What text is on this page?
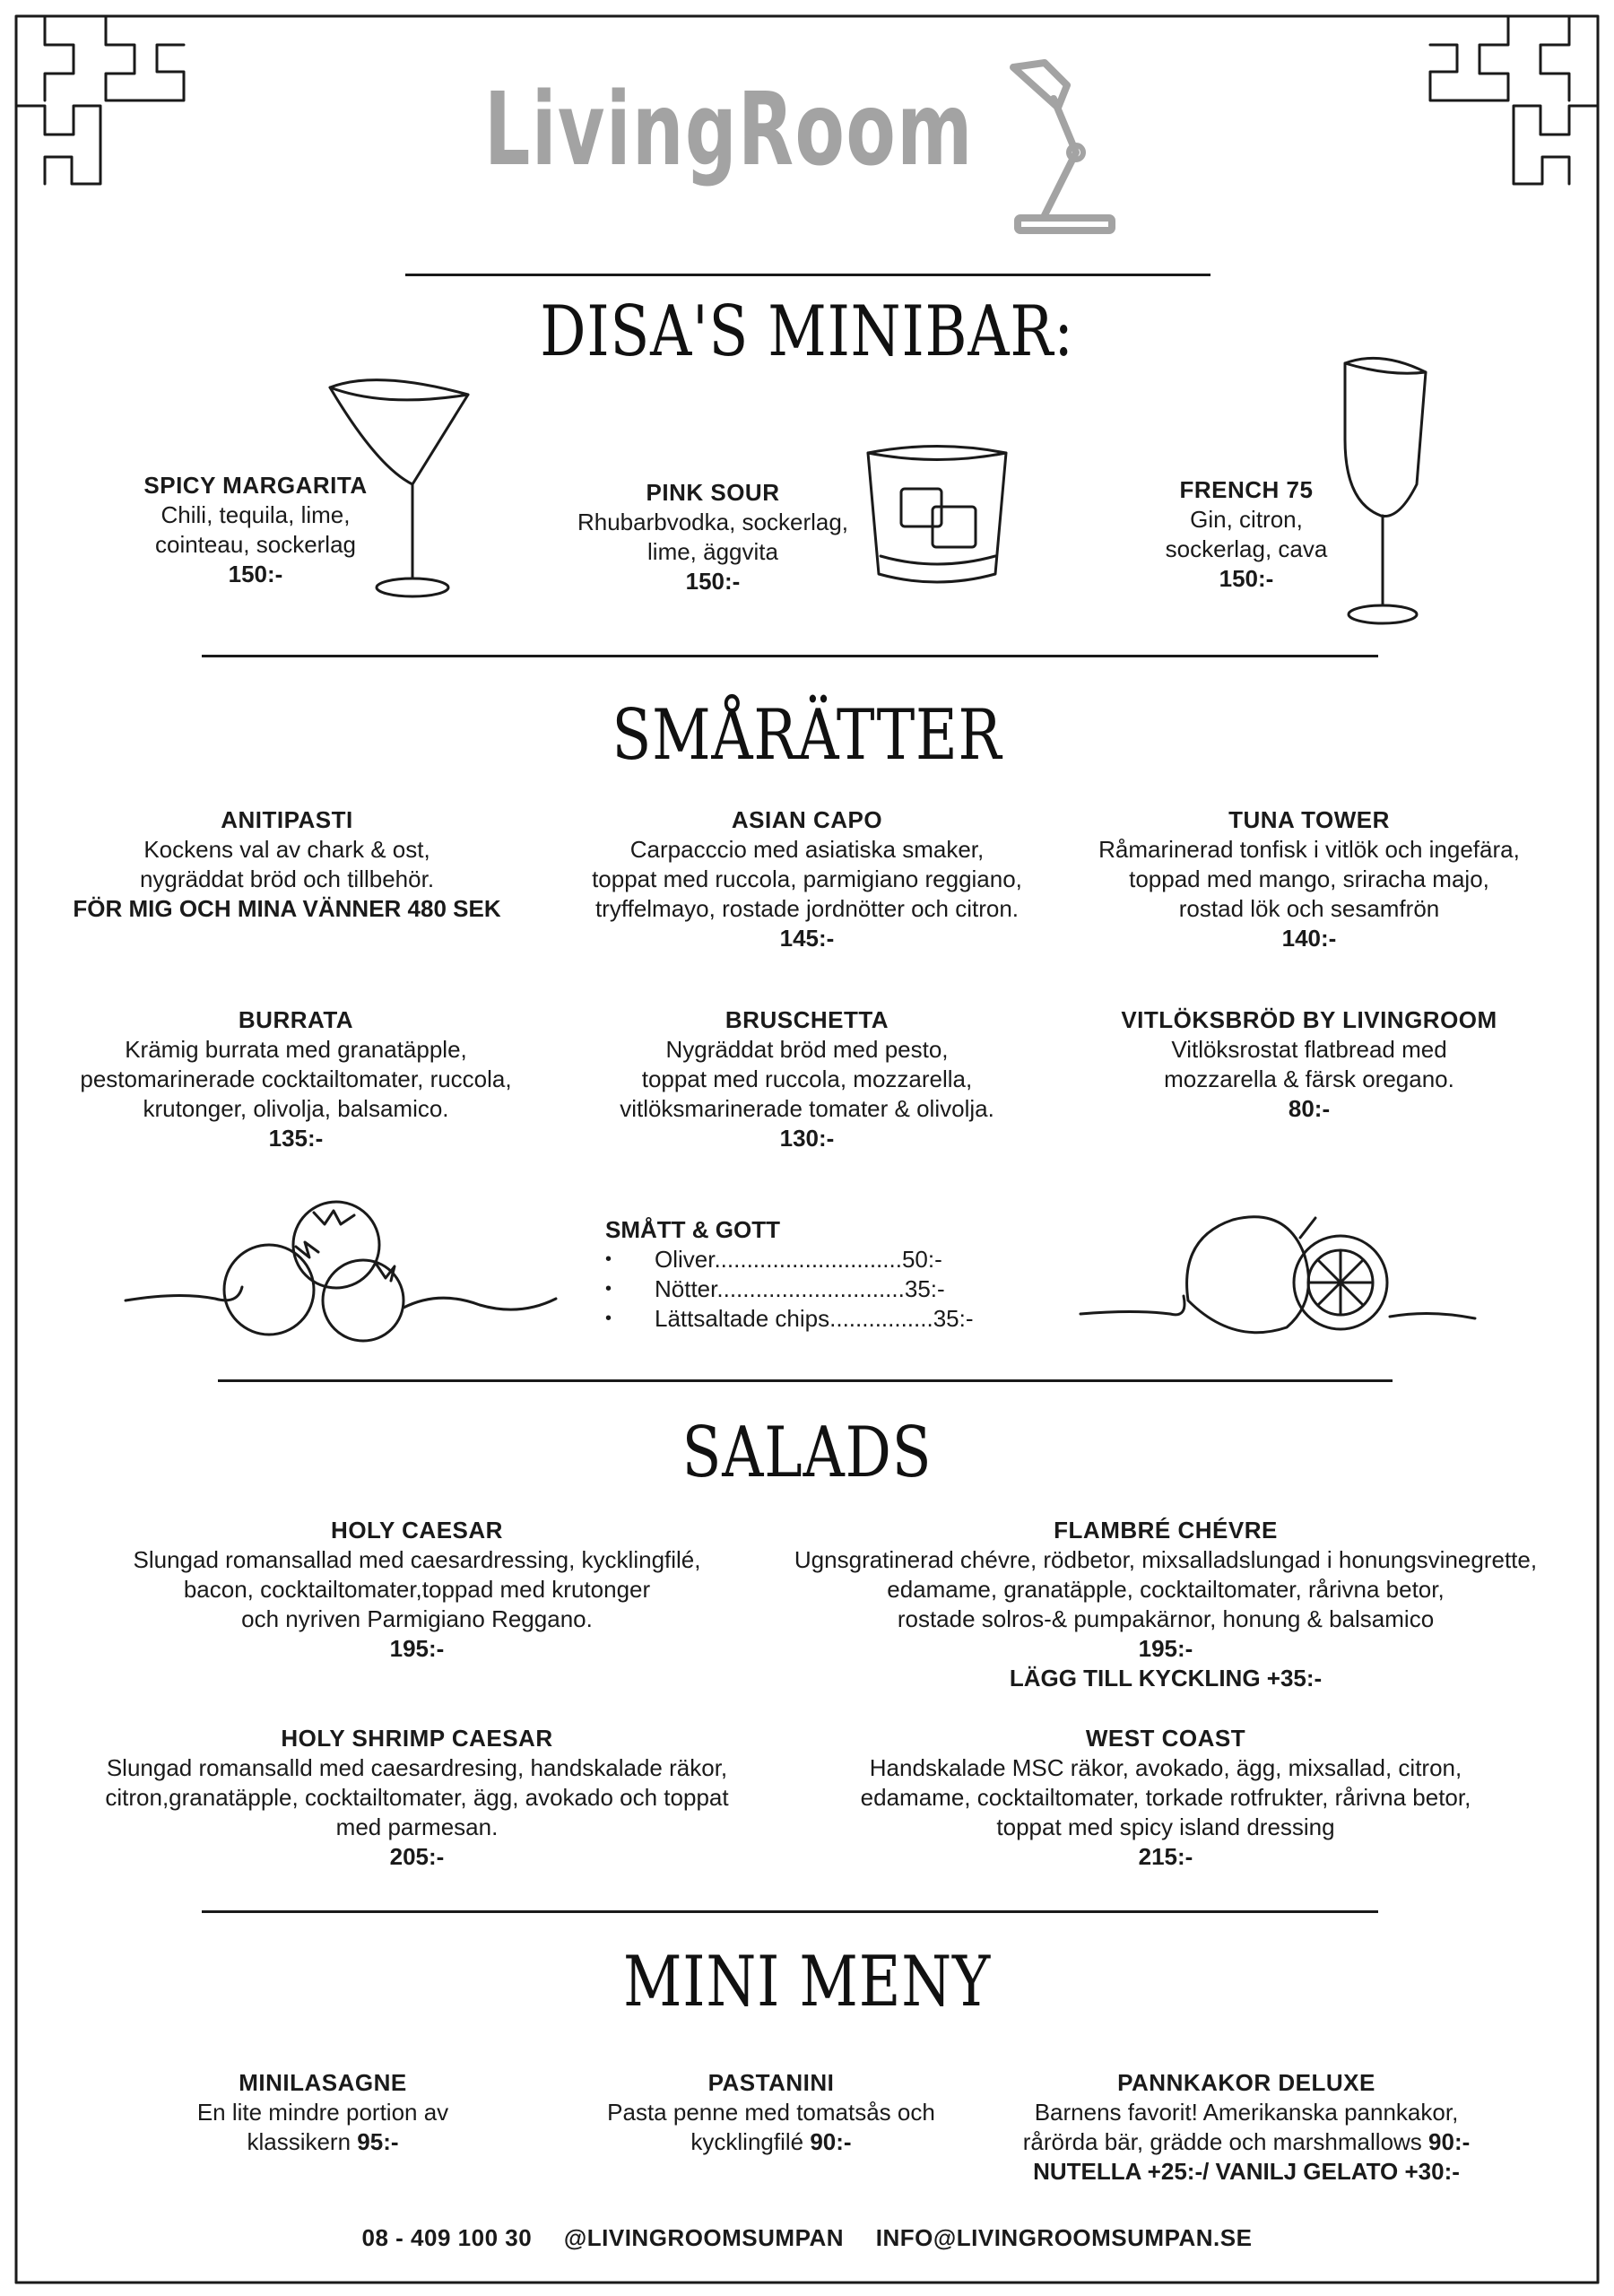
LivingRoom
DISA'S MINIBAR:
SPICY MARGARITA
Chili, tequila, lime,
cointeau, sockerlag
150:-
PINK SOUR
Rhubarbvodka, sockerlag,
lime, äggvita
150:-
FRENCH 75
Gin, citron,
sockerlag, cava
150:-
SMÅRÄTTER
ANITIPASTI
Kockens val av chark & ost,
nygräddat bröd och tillbehör.
FÖR MIG OCH MINA VÄNNER 480 SEK
ASIAN CAPO
Carpacccio med asiatiska smaker,
toppat med ruccola, parmigiano reggiano,
tryffelmayo, rostade jordnötter och citron.
145:-
TUNA TOWER
Råmarinerad tonfisk i vitlök och ingefära,
toppad med mango, sriracha majo,
rostad lök och sesamfrön
140:-
BURRATA
Krämig burrata med granatäpple,
pestomarinerade cocktailtomater, ruccola,
krutonger, olivolja, balsamico.
135:-
BRUSCHETTA
Nygräddat bröd med pesto,
toppat med ruccola, mozzarella,
vitlöksmarinerade tomater & olivolja.
130:-
VITLÖKSBRÖD BY LIVINGROOM
Vitlöksrostat flatbread med
mozzarella & färsk oregano.
80:-
SMÅTT & GOTT
• Oliver.............................50:-
• Nötter.............................35:-
• Lättsaltade chips................35:-
SALADS
HOLY CAESAR
Slungad romansallad med caesardressing, kycklingfilé,
bacon, cocktailtomater,toppad med krutonger
och nyriven Parmigiano Reggano.
195:-
FLAMBRÉ CHÉVRE
Ugnsgratinerad chévre, rödbetor, mixsalladslungad i honungsvinegrette,
edamame, granatäpple, cocktailtomater, rårivna betor,
rostade solros-& pumpakärnor, honung & balsamico
195:-
LÄGG TILL KYCKLING +35:-
HOLY SHRIMP CAESAR
Slungad romansalld med caesardresing, handskalade räkor,
citron,granatäpple, cocktailtomater, ägg, avokado och toppat
med parmesan.
205:-
WEST COAST
Handskalade MSC räkor, avokado, ägg, mixsallad, citron,
edamame, cocktailtomater, torkade rotfrukter, rårivna betor,
toppat med spicy island dressing
215:-
MINI MENY
MINILASAGNE
En lite mindre portion av
klassikern 95:-
PASTANINI
Pasta penne med tomatsås och
kycklingfilé 90:-
PANNKAKOR DELUXE
Barnens favorit! Amerikanska pannkakor,
rårörda bär, grädde och marshmallows 90:-
NUTELLA +25:-/ VANILJ GELATO +30:-
08 - 409 100 30 @LIVINGROOMSUMPAN INFO@LIVINGROOMSUMPAN.SE
